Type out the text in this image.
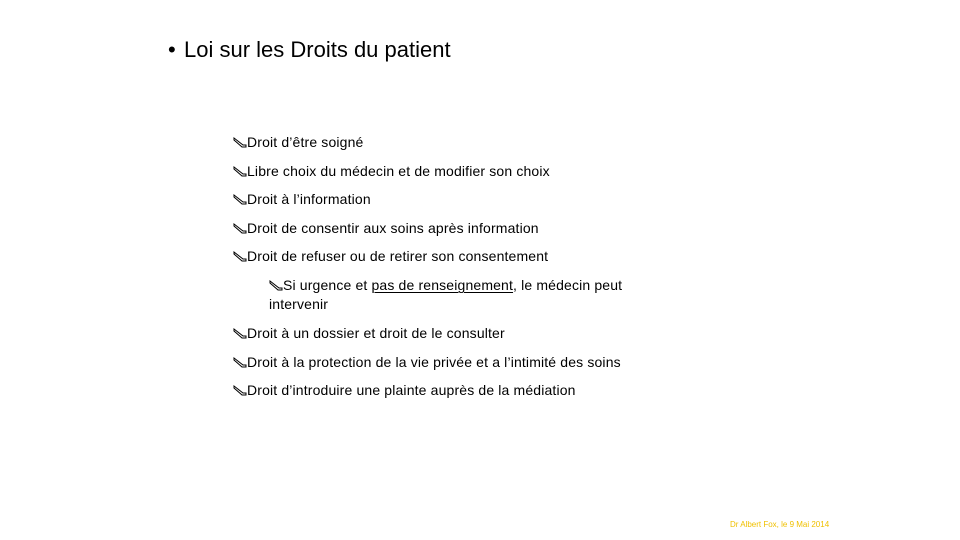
• Loi sur les Droits du patient
Droit d’être soigné
Libre choix du médecin et de modifier son choix
Droit à l’information
Droit de consentir aux soins après information
Droit de refuser ou de retirer son consentement
Si urgence et pas de renseignement, le médecin peut intervenir
Droit à un dossier et droit de le consulter
Droit à la protection de la vie privée et a l’intimité des soins
Droit d’introduire une plainte auprès de la médiation
Dr Albert Fox, le 9 Mai 2014
